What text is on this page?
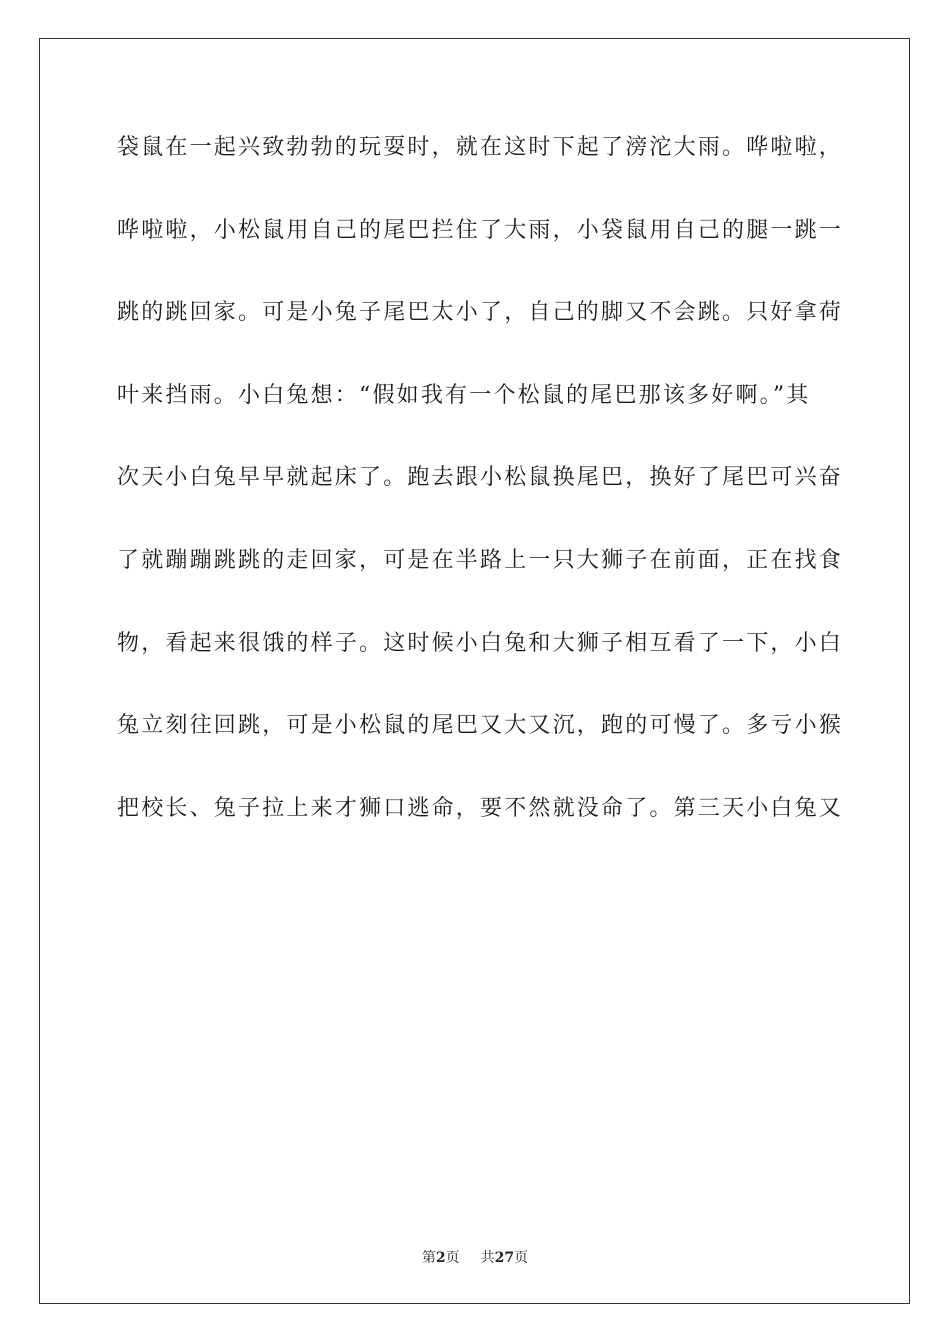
袋鼠在一起兴致勃勃的玩耍时，就在这时下起了滂沱大雨。哗啦啦，
哗啦啦，小松鼠用自己的尾巴拦住了大雨，小袋鼠用自己的腿一跳一
跳的跳回家。可是小兔子尾巴太小了，自己的脚又不会跳。只好拿荷
叶来挡雨。小白兔想：“假如我有一个松鼠的尾巴那该多好啊。”其
次天小白兔早早就起床了。跑去跟小松鼠换尾巴，换好了尾巴可兴奋
了就蹦蹦跳跳的走回家，可是在半路上一只大狮子在前面，正在找食
物，看起来很饿的样子。这时候小白兔和大狮子相互看了一下，小白
兔立刻往回跳，可是小松鼠的尾巴又大又沉，跑的可慢了。多亏小猴
把校长、兔子拉上来才狮口逃命，要不然就没命了。第三天小白兔又
第2页 共27页
